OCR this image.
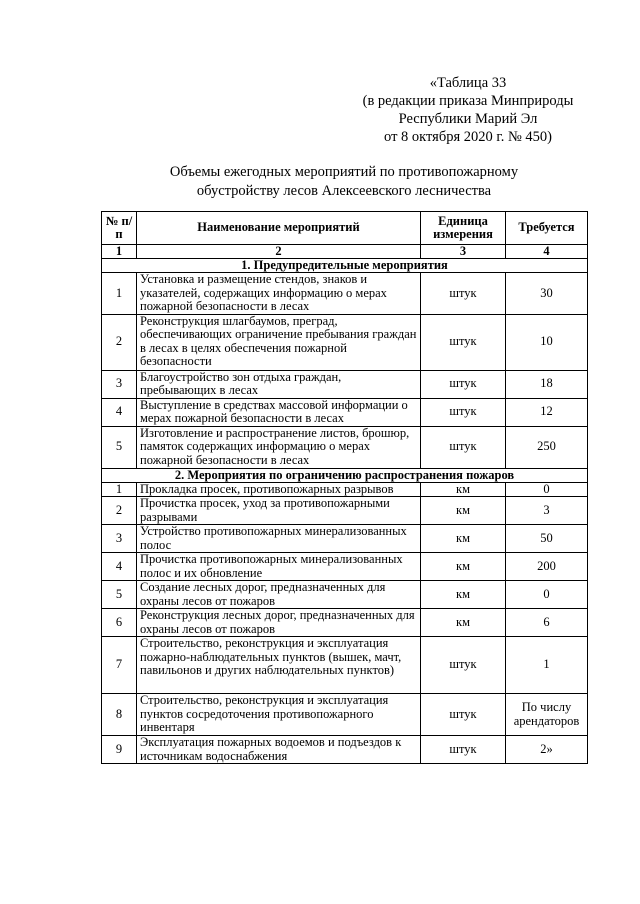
«Таблица 33
(в редакции приказа Минприроды
Республики Марий Эл
от 8 октября 2020 г. № 450)
Объемы ежегодных мероприятий по противопожарному
обустройству лесов Алексеевского лесничества
№ п/п	Наименование мероприятий	Единица измерения	Требуется
1	2	3	4
1. Предупредительные мероприятия			
1	Установка и размещение стендов, знаков и указателей, содержащих информацию о мерах пожарной безопасности в лесах	штук	30
2	Реконструкция шлагбаумов, преград, обеспечивающих ограничение пребывания граждан в лесах в целях обеспечения пожарной безопасности	штук	10
3	Благоустройство зон отдыха граждан, пребывающих в лесах	штук	18
4	Выступление в средствах массовой информации о мерах пожарной безопасности в лесах	штук	12
5	Изготовление и распространение листов, брошюр, памяток содержащих информацию о мерах пожарной безопасности в лесах	штук	250
2. Мероприятия по ограничению распространения пожаров			
1	Прокладка просек, противопожарных разрывов	км	0
2	Прочистка просек, уход за противопожарными разрывами	км	3
3	Устройство противопожарных минерализованных полос	км	50
4	Прочистка противопожарных минерализованных полос и их обновление	км	200
5	Создание лесных дорог, предназначенных для охраны лесов от пожаров	км	0
6	Реконструкция лесных дорог, предназначенных для охраны лесов от пожаров	км	6
7	Строительство, реконструкция и эксплуатация пожарно-наблюдательных пунктов (вышек, мачт, павильонов и других наблюдательных пунктов)	штук	1
8	Строительство, реконструкция и эксплуатация пунктов сосредоточения противопожарного инвентаря	штук	По числу арендаторов
9	Эксплуатация пожарных водоемов и подъездов к источникам водоснабжения	штук	2»
